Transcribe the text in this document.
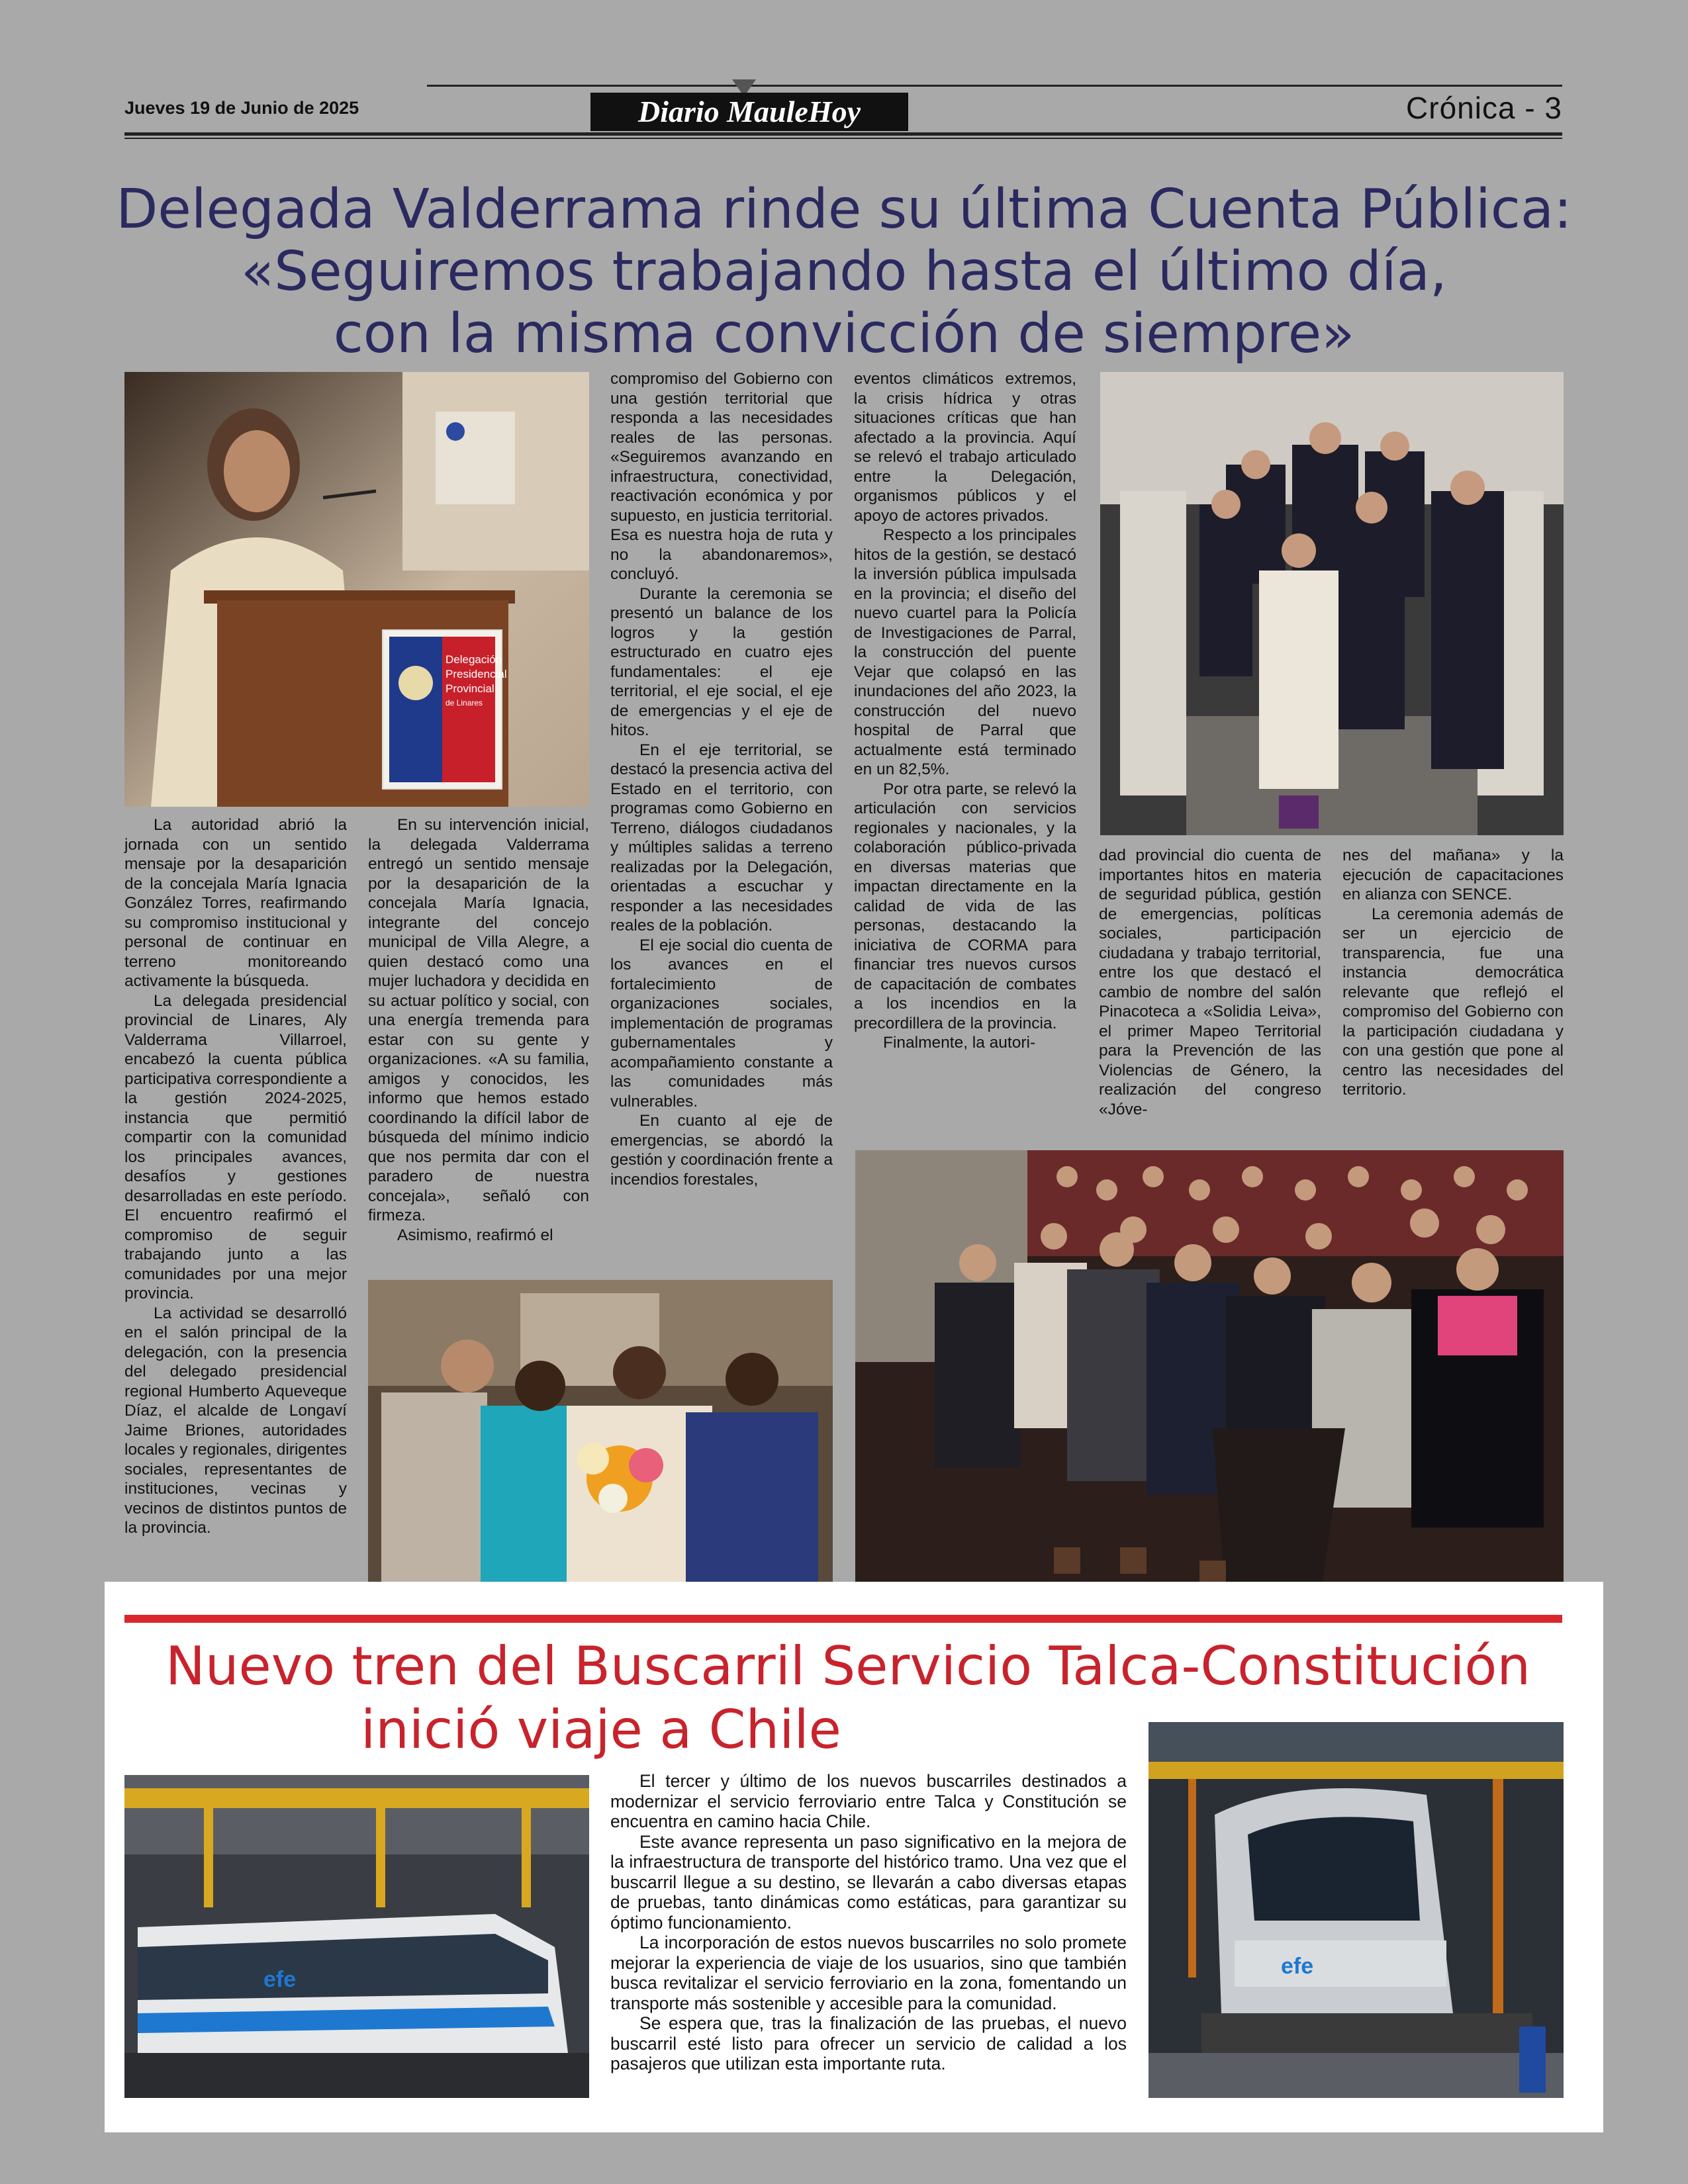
Jueves 19 de Junio de 2025	Diario MauleHoy	Crónica - 3
Delegada Valderrama rinde su última Cuenta Pública:
«Seguiremos trabajando hasta el último día,
con la misma convicción de siempre»
Delegación
Presidencial
Provincial
de Linares

La autoridad abrió la jornada con un sentido mensaje por la desaparición de la concejala María Ignacia González Torres, reafirmando su compromiso institucional y personal de continuar en terreno monitoreando activamente la búsqueda.

La delegada presidencial provincial de Linares, Aly Valderrama Villarroel, encabezó la cuenta pública participativa correspondiente a la gestión 2024-2025, instancia que permitió compartir con la comunidad los principales avances, desafíos y gestiones desarrolladas en este período. El encuentro reafirmó el compromiso de seguir trabajando junto a las comunidades por una mejor provincia.

La actividad se desarrolló en el salón principal de la delegación, con la presencia del delegado presidencial regional Humberto Aqueveque Díaz, el alcalde de Longaví Jaime Briones, autoridades locales y regionales, dirigentes sociales, representantes de instituciones, vecinas y vecinos de distintos puntos de la provincia.

En su intervención inicial, la delegada Valderrama entregó un sentido mensaje por la desaparición de la concejala María Ignacia, integrante del concejo municipal de Villa Alegre, a quien destacó como una mujer luchadora y decidida en su actuar político y social, con una energía tremenda para estar con su gente y organizaciones. «A su familia, amigos y conocidos, les informo que hemos estado coordinando la difícil labor de búsqueda del mínimo indicio que nos permita dar con el paradero de nuestra concejala», señaló con firmeza.

Asimismo, reafirmó el

compromiso del Gobierno con una gestión territorial que responda a las necesidades reales de las personas. «Seguiremos avanzando en infraestructura, conectividad, reactivación económica y por supuesto, en justicia territorial. Esa es nuestra hoja de ruta y no la abandonaremos», concluyó.

Durante la ceremonia se presentó un balance de los logros y la gestión estructurado en cuatro ejes fundamentales: el eje territorial, el eje social, el eje de emergencias y el eje de hitos.

En el eje territorial, se destacó la presencia activa del Estado en el territorio, con programas como Gobierno en Terreno, diálogos ciudadanos y múltiples salidas a terreno realizadas por la Delegación, orientadas a escuchar y responder a las necesidades reales de la población.

El eje social dio cuenta de los avances en el fortalecimiento de organizaciones sociales, implementación de programas gubernamentales y acompañamiento constante a las comunidades más vulnerables.

En cuanto al eje de emergencias, se abordó la gestión y coordinación frente a incendios forestales,

eventos climáticos extremos, la crisis hídrica y otras situaciones críticas que han afectado a la provincia. Aquí se relevó el trabajo articulado entre la Delegación, organismos públicos y el apoyo de actores privados.

Respecto a los principales hitos de la gestión, se destacó la inversión pública impulsada en la provincia; el diseño del nuevo cuartel para la Policía de Investigaciones de Parral, la construcción del puente Vejar que colapsó en las inundaciones del año 2023, la construcción del nuevo hospital de Parral que actualmente está terminado en un 82,5%.

Por otra parte, se relevó la articulación con servicios regionales y nacionales, y la colaboración público-privada en diversas materias que impactan directamente en la calidad de vida de las personas, destacando la iniciativa de CORMA para financiar tres nuevos cursos de capacitación de combates a los incendios en la precordillera de la provincia.

Finalmente, la autori-

dad provincial dio cuenta de importantes hitos en materia de seguridad pública, gestión de emergencias, políticas sociales, participación ciudadana y trabajo territorial, entre los que destacó el cambio de nombre del salón Pinacoteca a «Solidia Leiva», el primer Mapeo Territorial para la Prevención de las Violencias de Género, la realización del congreso «Jóve-

nes del mañana» y la ejecución de capacitaciones en alianza con SENCE.

La ceremonia además de ser un ejercicio de transparencia, fue una instancia democrática relevante que reflejó el compromiso del Gobierno con la participación ciudadana y con una gestión que pone al centro las necesidades del territorio.

Nuevo tren del Buscarril Servicio Talca-Constitución
inició viaje a Chile
efe
efe

El tercer y último de los nuevos buscarriles destinados a modernizar el servicio ferroviario entre Talca y Constitución se encuentra en camino hacia Chile.

Este avance representa un paso significativo en la mejora de la infraestructura de transporte del histórico tramo. Una vez que el buscarril llegue a su destino, se llevarán a cabo diversas etapas de pruebas, tanto dinámicas como estáticas, para garantizar su óptimo funcionamiento.

La incorporación de estos nuevos buscarriles no solo promete mejorar la experiencia de viaje de los usuarios, sino que también busca revitalizar el servicio ferroviario en la zona, fomentando un transporte más sostenible y accesible para la comunidad.

Se espera que, tras la finalización de las pruebas, el nuevo buscarril esté listo para ofrecer un servicio de calidad a los pasajeros que utilizan esta importante ruta.
